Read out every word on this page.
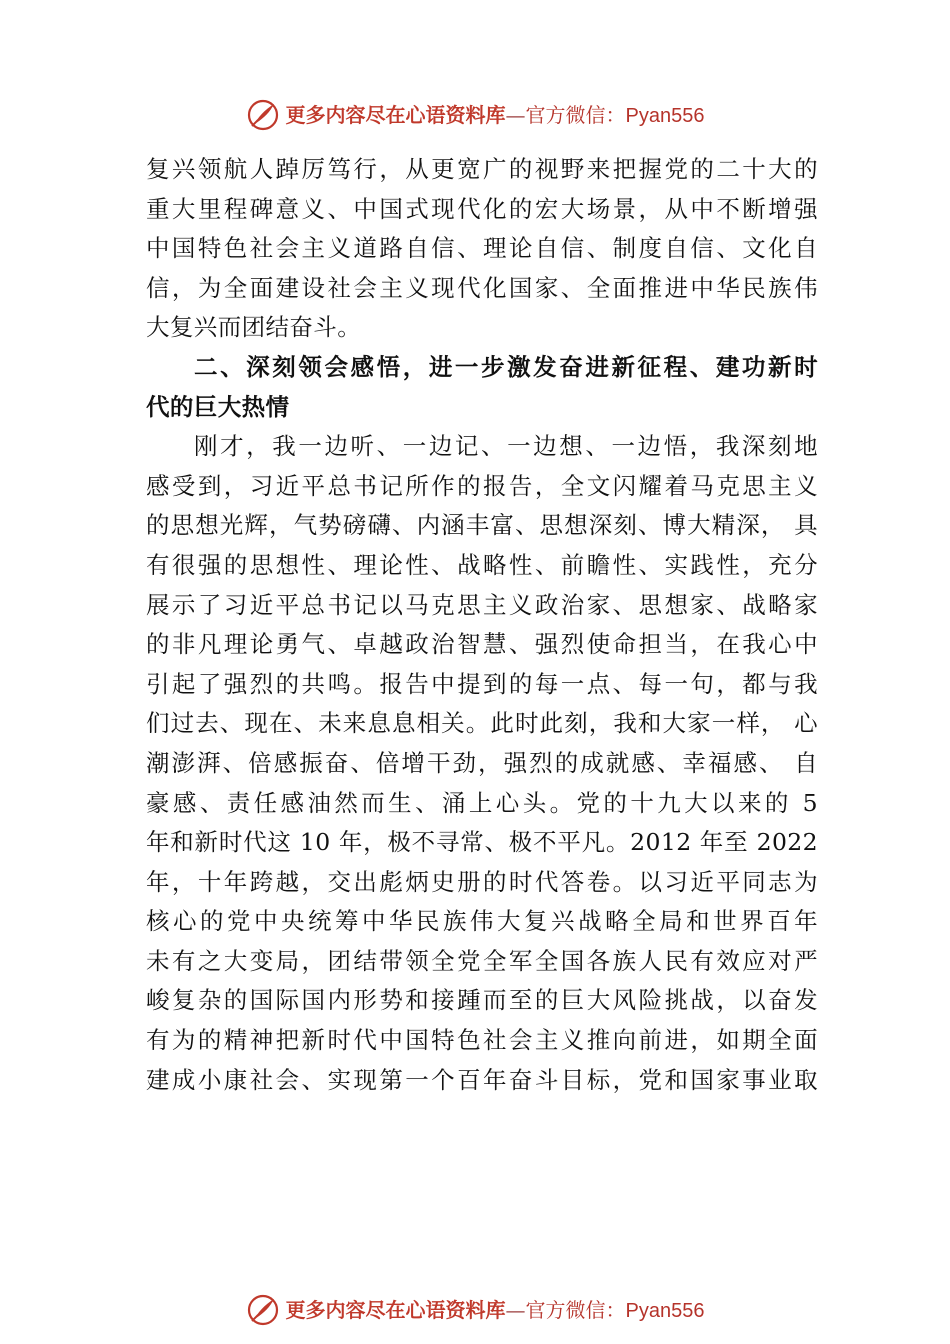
更多内容尽在心语资料库—官方微信：Pyan556
复兴领航人踔厉笃行，从更宽广的视野来把握党的二十大的
重大里程碑意义、中国式现代化的宏大场景，从中不断增强
中国特色社会主义道路自信、理论自信、制度自信、文化自
信，为全面建设社会主义现代化国家、全面推进中华民族伟
大复兴而团结奋斗。
二、深刻领会感悟，进一步激发奋进新征程、建功新时
代的巨大热情
刚才，我一边听、一边记、一边想、一边悟，我深刻地
感受到，习近平总书记所作的报告，全文闪耀着马克思主义
的思想光辉，气势磅礴、内涵丰富、思想深刻、博大精深， 具
有很强的思想性、理论性、战略性、前瞻性、实践性，充分
展示了习近平总书记以马克思主义政治家、思想家、战略家
的非凡理论勇气、卓越政治智慧、强烈使命担当，在我心中
引起了强烈的共鸣。报告中提到的每一点、每一句，都与我
们过去、现在、未来息息相关。此时此刻，我和大家一样， 心
潮澎湃、倍感振奋、倍增干劲，强烈的成就感、幸福感、 自
豪感、责任感油然而生、涌上心头。党的十九大以来的 5
年和新时代这 10 年，极不寻常、极不平凡。2012 年至 2022
年，十年跨越，交出彪炳史册的时代答卷。以习近平同志为
核心的党中央统筹中华民族伟大复兴战略全局和世界百年
未有之大变局，团结带领全党全军全国各族人民有效应对严
峻复杂的国际国内形势和接踵而至的巨大风险挑战，以奋发
有为的精神把新时代中国特色社会主义推向前进，如期全面
建成小康社会、实现第一个百年奋斗目标，党和国家事业取
更多内容尽在心语资料库—官方微信：Pyan556
